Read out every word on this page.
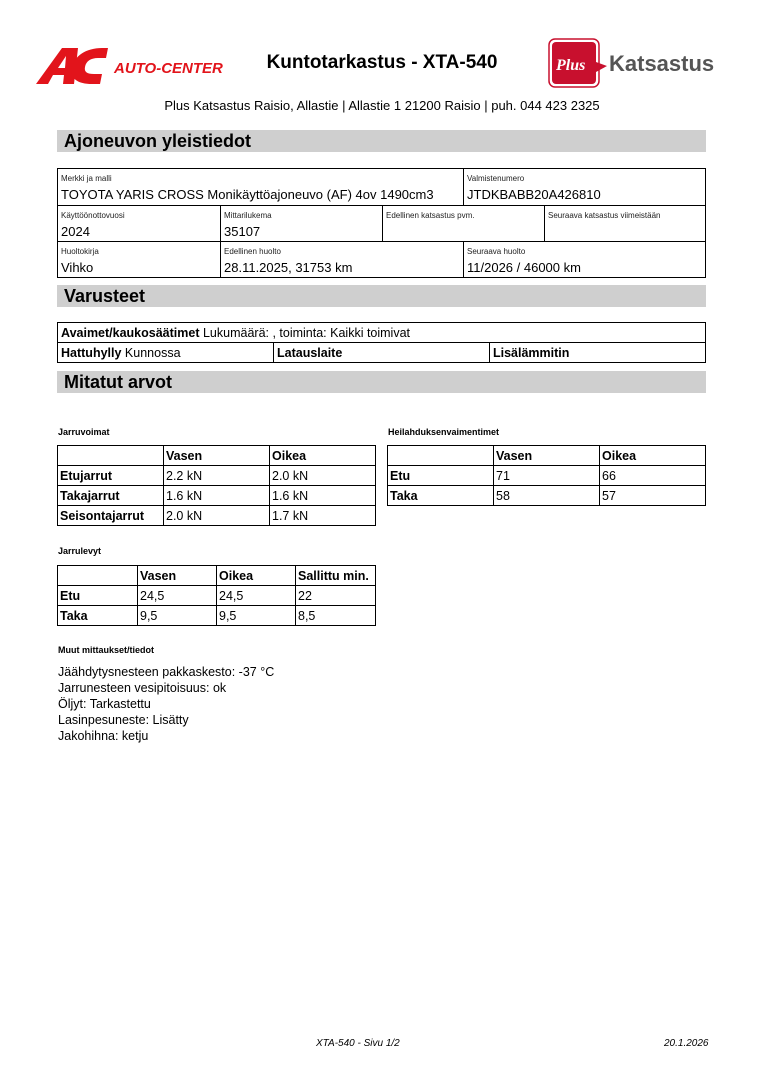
AUTO-CENTER	Kuntotarkastus - XTA-540	Plus Katsastus
Plus Katsastus Raisio, Allastie | Allastie 1 21200 Raisio | puh. 044 423 2325
Ajoneuvon yleistiedot
Merkki ja malli
TOYOTA YARIS CROSS Monikäyttöajoneuvo (AF) 4ov 1490cm3
Valmistenumero
JTDKBABB20A426810
Käyttöönottovuosi
2024
Mittarilukema
35107
Edellinen katsastus pvm.	Seuraava katsastus viimeistään
Huoltokirja
Vihko
Edellinen huolto
28.11.2025, 31753 km
Seuraava huolto
11/2026 / 46000 km
Varusteet
Avaimet/kaukosäätimet Lukumäärä: , toiminta: Kaikki toimivat
Hattuhylly Kunnossa	Latauslaite	Lisälämmitin
Mitatut arvot
Jarruvoimat
	Vasen	Oikea
Etujarrut	2.2 kN	2.0 kN
Takajarrut	1.6 kN	1.6 kN
Seisontajarrut	2.0 kN	1.7 kN
Heilahduksenvaimentimet
	Vasen	Oikea
Etu	71	66
Taka	58	57
Jarrulevyt
	Vasen	Oikea	Sallittu min.
Etu	24,5	24,5	22
Taka	9,5	9,5	8,5
Muut mittaukset/tiedot
Jäähdytysnesteen pakkaskesto: -37 °C
Jarrunesteen vesipitoisuus: ok
Öljyt: Tarkastettu
Lasinpesuneste: Lisätty
Jakohihna: ketju
XTA-540 - Sivu 1/2	20.1.2026
